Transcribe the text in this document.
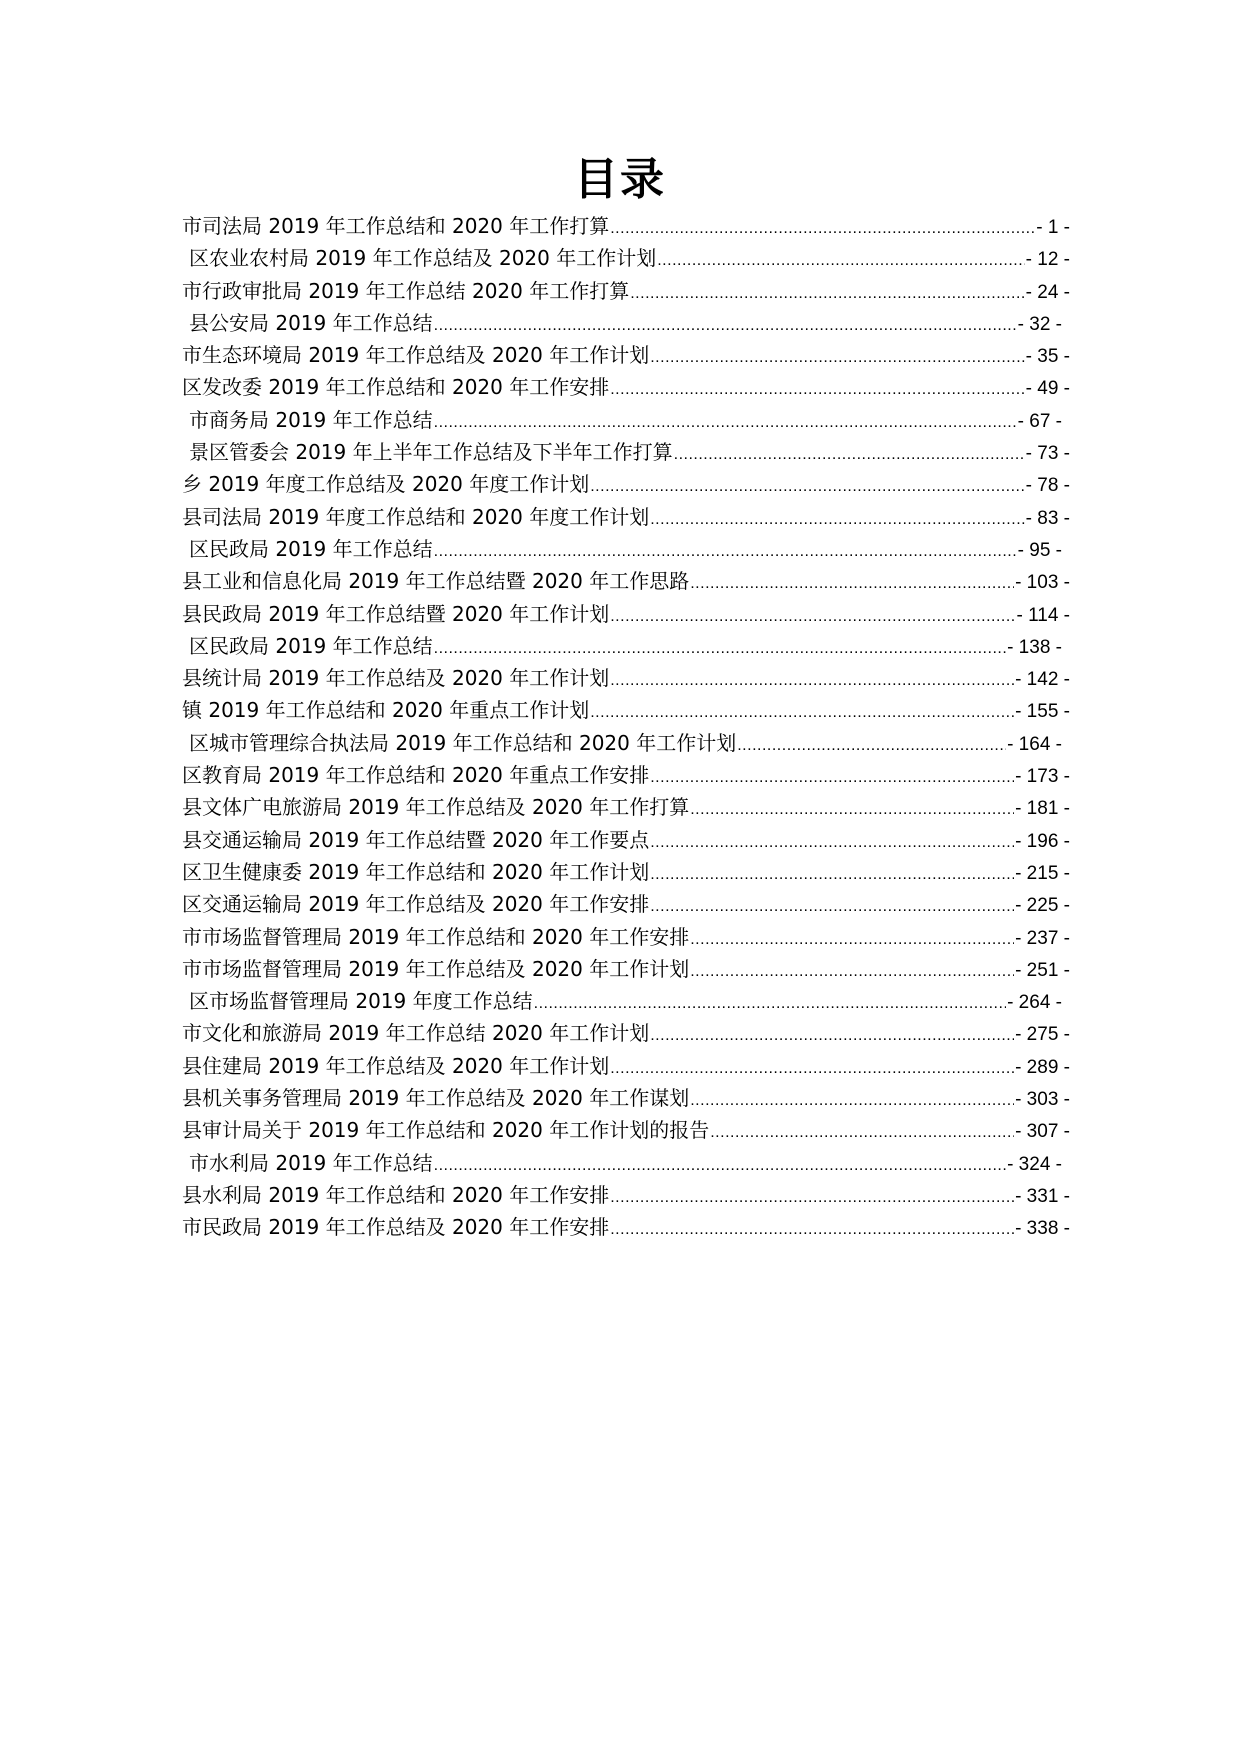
目录
市司法局 2019 年工作总结和 2020 年工作打算 .....	- 1 -
区农业农村局 2019 年工作总结及 2020 年工作计划 .....	- 12 -
市行政审批局 2019 年工作总结 2020 年工作打算 .....	- 24 -
县公安局 2019 年工作总结 .....	- 32 -
市生态环境局 2019 年工作总结及 2020 年工作计划 .....	- 35 -
区发改委 2019 年工作总结和 2020 年工作安排 .....	- 49 -
市商务局 2019 年工作总结 .....	- 67 -
景区管委会 2019 年上半年工作总结及下半年工作打算 .....	- 73 -
乡 2019 年度工作总结及 2020 年度工作计划 .....	- 78 -
县司法局 2019 年度工作总结和 2020 年度工作计划 .....	- 83 -
区民政局 2019 年工作总结 .....	- 95 -
县工业和信息化局 2019 年工作总结暨 2020 年工作思路 .....	- 103 -
县民政局 2019 年工作总结暨 2020 年工作计划 .....	- 114 -
区民政局 2019 年工作总结 .....	- 138 -
县统计局 2019 年工作总结及 2020 年工作计划 .....	- 142 -
镇 2019 年工作总结和 2020 年重点工作计划 .....	- 155 -
区城市管理综合执法局 2019 年工作总结和 2020 年工作计划 .....	- 164 -
区教育局 2019 年工作总结和 2020 年重点工作安排 .....	- 173 -
县文体广电旅游局 2019 年工作总结及 2020 年工作打算 .....	- 181 -
县交通运输局 2019 年工作总结暨 2020 年工作要点 .....	- 196 -
区卫生健康委 2019 年工作总结和 2020 年工作计划 .....	- 215 -
区交通运输局 2019 年工作总结及 2020 年工作安排 .....	- 225 -
市市场监督管理局 2019 年工作总结和 2020 年工作安排 .....	- 237 -
市市场监督管理局 2019 年工作总结及 2020 年工作计划 .....	- 251 -
区市场监督管理局 2019 年度工作总结 .....	- 264 -
市文化和旅游局 2019 年工作总结 2020 年工作计划 .....	- 275 -
县住建局 2019 年工作总结及 2020 年工作计划 .....	- 289 -
县机关事务管理局 2019 年工作总结及 2020 年工作谋划 .....	- 303 -
县审计局关于 2019 年工作总结和 2020 年工作计划的报告 .....	- 307 -
市水利局 2019 年工作总结 .....	- 324 -
县水利局 2019 年工作总结和 2020 年工作安排 .....	- 331 -
市民政局 2019 年工作总结及 2020 年工作安排 .....	- 338 -
